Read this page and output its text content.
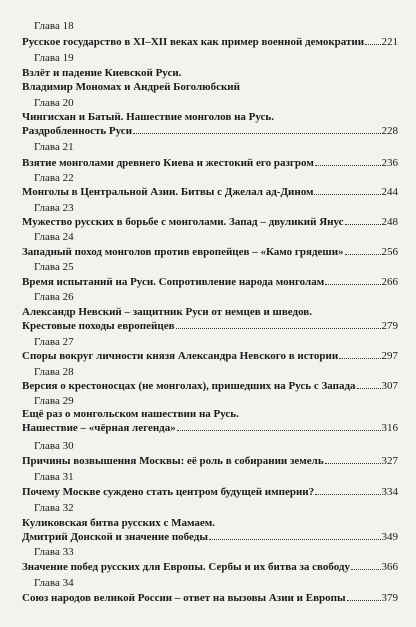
Глава 18
Русское государство в XI–XII веках как пример военной демократии 221
Глава 19
Взлёт и падение Киевской Руси.
Владимир Мономах и Андрей Боголюбский
Глава 20
Чингисхан и Батый. Нашествие монголов на Русь.
Раздробленность Руси	228
Глава 21
Взятие монголами древнего Киева и жестокий его разгром	236
Глава 22
Монголы в Центральной Азии. Битвы с Джелал ад-Дином	244
Глава 23
Мужество русских в борьбе с монголами. Запад – двуликий Янус	248
Глава 24
Западный поход монголов против европейцев – «Камо грядеши»	256
Глава 25
Время испытаний на Руси. Сопротивление народа монголам	266
Глава 26
Александр Невский – защитник Руси от немцев и шведов.
Крестовые походы европейцев	279
Глава 27
Споры вокруг личности князя Александра Невского в истории	297
Глава 28
Версия о крестоносцах (не монголах), пришедших на Русь с Запада 307
Глава 29
Ещё раз о монгольском нашествии на Русь.
Нашествие – «чёрная легенда»	316
Глава 30
Причины возвышения Москвы: её роль в собирании земель	327
Глава 31
Почему Москве суждено стать центром будущей империи?	334
Глава 32
Куликовская битва русских с Мамаем.
Дмитрий Донской и значение победы	349
Глава 33
Значение побед русских для Европы. Сербы и их битва за свободу	366
Глава 34
Союз народов великой России – ответ на вызовы Азии и Европы	379
